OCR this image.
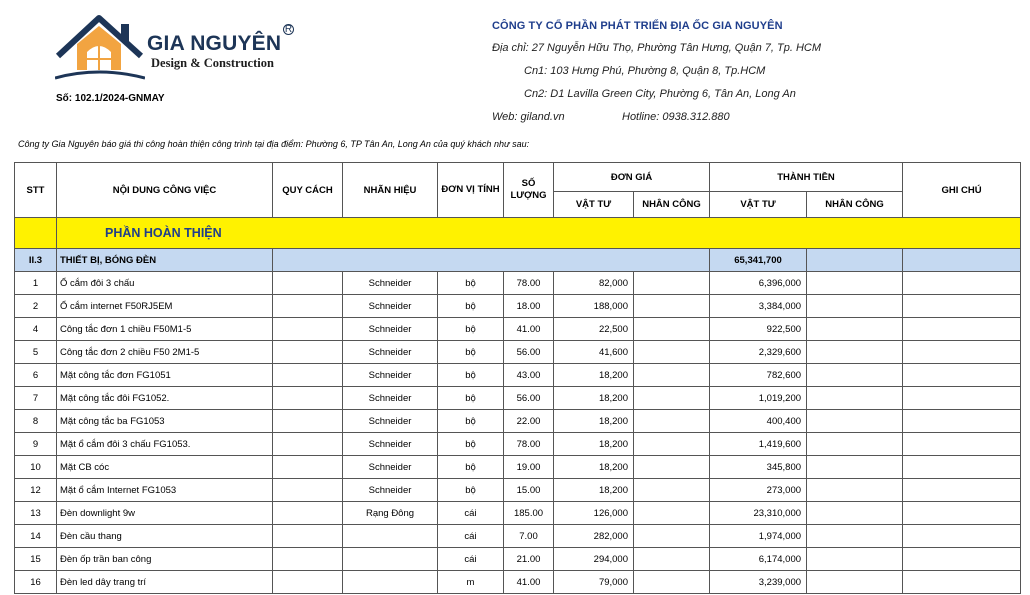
GIA NGUYÊN
R
Design & Construction
Số: 102.1/2024-GNMAY
CÔNG TY CỔ PHẦN PHÁT TRIỂN ĐỊA ỐC GIA NGUYÊN
Địa chỉ: 27 Nguyễn Hữu Thọ, Phường Tân Hưng, Quận 7, Tp. HCM
Cn1: 103 Hưng Phú, Phường 8, Quận 8, Tp.HCM
Cn2: D1 Lavilla Green City, Phường 6, Tân An, Long An
Web: giland.vn	Hotline: 0938.312.880
Công ty Gia Nguyên báo giá thi công hoàn thiện công trình tại địa điểm: Phường 6, TP Tân An, Long An của quý khách như sau:
STT	NỘI DUNG CÔNG VIỆC	QUY CÁCH	NHÃN HIỆU	ĐƠN VỊ TÍNH	SỐ LƯỢNG	ĐƠN GIÁ		THÀNH TIỀN		GHI CHÚ
						VẬT TƯ	NHÂN CÔNG	VẬT TƯ	NHÂN CÔNG	
	PHẦN HOÀN THIỆN									
II.3	THIẾT BỊ, BÓNG ĐÈN							65,341,700		
1	Ổ cắm đôi 3 chấu		Schneider	bộ	78.00	82,000		6,396,000		
2	Ổ cắm internet F50RJ5EM		Schneider	bộ	18.00	188,000		3,384,000		
4	Công tắc đơn 1 chiều F50M1-5		Schneider	bộ	41.00	22,500		922,500		
5	Công tắc đơn 2 chiều F50 2M1-5		Schneider	bộ	56.00	41,600		2,329,600		
6	Mặt công tắc đơn FG1051		Schneider	bộ	43.00	18,200		782,600		
7	Mặt công tắc đôi FG1052.		Schneider	bộ	56.00	18,200		1,019,200		
8	Mặt công tắc ba FG1053		Schneider	bộ	22.00	18,200		400,400		
9	Mặt ổ cắm đôi 3 chấu FG1053.		Schneider	bộ	78.00	18,200		1,419,600		
10	Mặt CB cóc		Schneider	bộ	19.00	18,200		345,800		
12	Mặt ổ cắm Internet FG1053		Schneider	bộ	15.00	18,200		273,000		
13	Đèn downlight 9w		Rạng Đông	cái	185.00	126,000		23,310,000		
14	Đèn cầu thang			cái	7.00	282,000		1,974,000		
15	Đèn ốp trần ban công			cái	21.00	294,000		6,174,000		
16	Đèn led dây trang trí			m	41.00	79,000		3,239,000		
